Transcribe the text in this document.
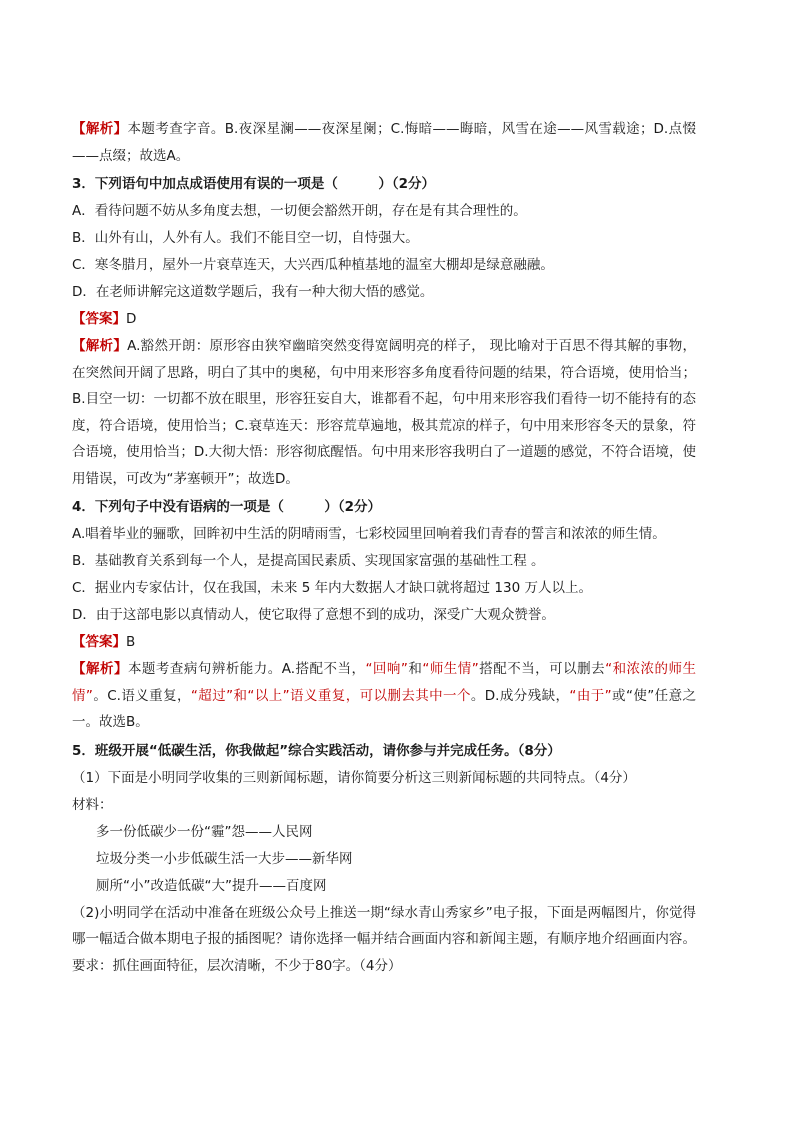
【解析】本题考查字音。B.夜深星澜——夜深星阑；C.悔暗——晦暗，风雪在途——风雪载途；D.点惙——点缀；故选A。

3．下列语句中加点成语使用有误的一项是（　　　）（2分）

A．看待问题不妨从多角度去想，一切便会豁然开朗，存在是有其合理性的。

B．山外有山，人外有人。我们不能目空一切，自恃强大。

C．寒冬腊月，屋外一片衰草连天，大兴西瓜种植基地的温室大棚却是绿意融融。

D．在老师讲解完这道数学题后，我有一种大彻大悟的感觉。

【答案】D

【解析】A.豁然开朗：原形容由狭窄幽暗突然变得宽阔明亮的样子， 现比喻对于百思不得其解的事物，在突然间开阔了思路，明白了其中的奥秘，句中用来形容多角度看待问题的结果，符合语境，使用恰当；B.目空一切：一切都不放在眼里，形容狂妄自大，谁都看不起，句中用来形容我们看待一切不能持有的态度，符合语境，使用恰当；C.衰草连天：形容荒草遍地，极其荒凉的样子，句中用来形容冬天的景象，符合语境，使用恰当；D.大彻大悟：形容彻底醒悟。句中用来形容我明白了一道题的感觉，不符合语境，使用错误，可改为“茅塞顿开”；故选D。

4．下列句子中没有语病的一项是（　　　）（2分）

A.唱着毕业的骊歌，回眸初中生活的阴晴雨雪，七彩校园里回响着我们青春的誓言和浓浓的师生情。

B．基础教育关系到每一个人，是提高国民素质、实现国家富强的基础性工程 。

C．据业内专家估计，仅在我国，未来 5 年内大数据人才缺口就将超过 130 万人以上。

D．由于这部电影以真情动人，使它取得了意想不到的成功，深受广大观众赞誉。

【答案】B

【解析】本题考查病句辨析能力。A.搭配不当，“回响”和“师生情”搭配不当，可以删去“和浓浓的师生情”。C.语义重复，“超过”和“以上”语义重复，可以删去其中一个。D.成分残缺，“由于”或“使”任意之一。故选B。

5．班级开展“低碳生活，你我做起”综合实践活动，请你参与并完成任务。（8分）

（1）下面是小明同学收集的三则新闻标题，请你简要分析这三则新闻标题的共同特点。（4分）

材料：

多一份低碳少一份“霾”怨——人民网

垃圾分类一小步低碳生活一大步——新华网

厕所“小”改造低碳“大”提升——百度网

（2)小明同学在活动中准备在班级公众号上推送一期“绿水青山秀家乡”电子报，下面是两幅图片，你觉得哪一幅适合做本期电子报的插图呢？请你选择一幅并结合画面内容和新闻主题，有顺序地介绍画面内容。要求：抓住画面特征，层次清晰，不少于80字。（4分）
